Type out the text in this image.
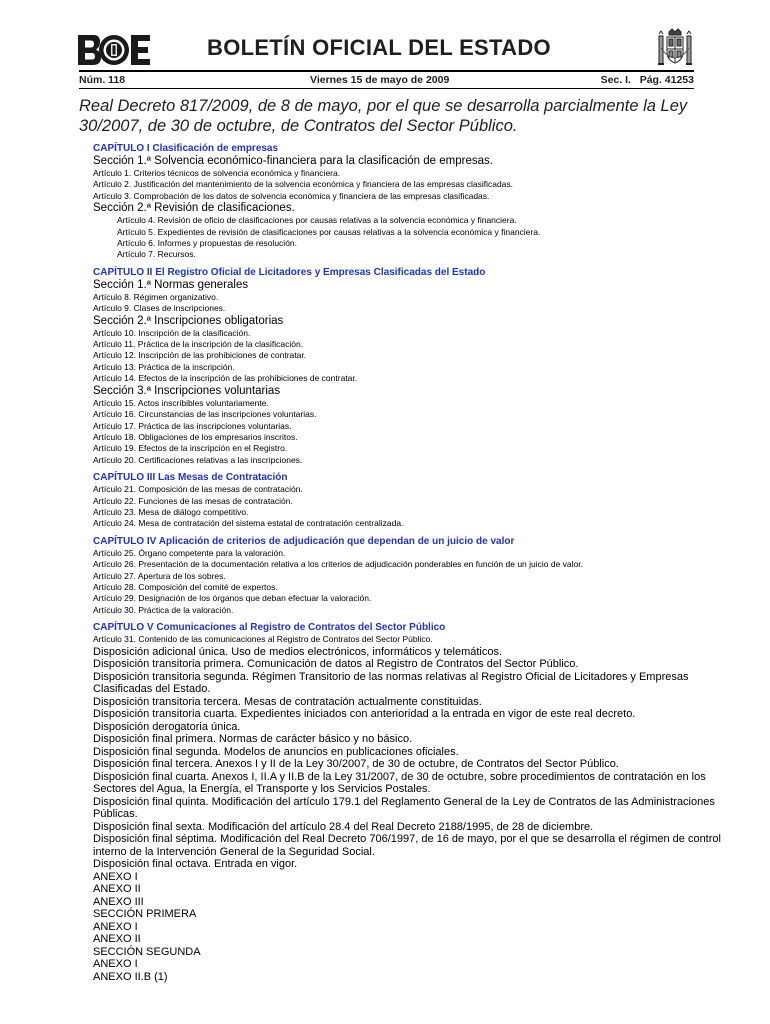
BOLETÍN OFICIAL DEL ESTADO
Núm. 118	Viernes 15 de mayo de 2009	Sec. I.   Pág. 41253
Real Decreto 817/2009, de 8 de mayo, por el que se desarrolla parcialmente la Ley 30/2007, de 30 de octubre, de Contratos del Sector Público.
CAPÍTULO I Clasificación de empresas
Sección 1.ª Solvencia económico-financiera para la clasificación de empresas.
Artículo 1. Criterios técnicos de solvencia económica y financiera.
Artículo 2. Justificación del mantenimiento de la solvencia económica y financiera de las empresas clasificadas.
Artículo 3. Comprobación de los datos de solvencia económica y financiera de las empresas clasificadas.
Sección 2.ª Revisión de clasificaciones.
Artículo 4. Revisión de oficio de clasificaciones por causas relativas a la solvencia económica y financiera.
Artículo 5. Expedientes de revisión de clasificaciones por causas relativas a la solvencia económica y financiera.
Artículo 6. Informes y propuestas de resolución.
Artículo 7. Recursos.
CAPÍTULO II El Registro Oficial de Licitadores y Empresas Clasificadas del Estado
Sección 1.ª Normas generales
Artículo 8. Régimen organizativo.
Artículo 9. Clases de inscripciones.
Sección 2.ª Inscripciones obligatorias
Artículo 10. Inscripción de la clasificación.
Artículo 11. Práctica de la inscripción de la clasificación.
Artículo 12. Inscripción de las prohibiciones de contratar.
Artículo 13. Práctica de la inscripción.
Artículo 14. Efectos de la inscripción de las prohibiciones de contratar.
Sección 3.ª Inscripciones voluntarias
Artículo 15. Actos inscribibles voluntariamente.
Artículo 16. Circunstancias de las inscripciones voluntarias.
Artículo 17. Práctica de las inscripciones voluntarias.
Artículo 18. Obligaciones de los empresarios inscritos.
Artículo 19. Efectos de la inscripción en el Registro.
Artículo 20. Certificaciones relativas a las inscripciones.
CAPÍTULO III Las Mesas de Contratación
Artículo 21. Composición de las mesas de contratación.
Artículo 22. Funciones de las mesas de contratación.
Artículo 23. Mesa de diálogo competitivo.
Artículo 24. Mesa de contratación del sistema estatal de contratación centralizada.
CAPÍTULO IV Aplicación de criterios de adjudicación que dependan de un juicio de valor
Artículo 25. Órgano competente para la valoración.
Artículo 26. Presentación de la documentación relativa a los criterios de adjudicación ponderables en función de un juicio de valor.
Artículo 27. Apertura de los sobres.
Artículo 28. Composición del comité de expertos.
Artículo 29. Designación de los órganos que deban efectuar la valoración.
Artículo 30. Práctica de la valoración.
CAPÍTULO V Comunicaciones al Registro de Contratos del Sector Público
Artículo 31. Contenido de las comunicaciones al Registro de Contratos del Sector Público.
Disposición adicional única. Uso de medios electrónicos, informáticos y telemáticos.
Disposición transitoria primera. Comunicación de datos al Registro de Contratos del Sector Público.
Disposición transitoria segunda. Régimen Transitorio de las normas relativas al Registro Oficial de Licitadores y Empresas Clasificadas del Estado.
Disposición transitoria tercera. Mesas de contratación actualmente constituidas.
Disposición transitoria cuarta. Expedientes iniciados con anterioridad a la entrada en vigor de este real decreto.
Disposición derogatoria única.
Disposición final primera. Normas de carácter básico y no básico.
Disposición final segunda. Modelos de anuncios en publicaciones oficiales.
Disposición final tercera. Anexos I y II de la Ley 30/2007, de 30 de octubre, de Contratos del Sector Público.
Disposición final cuarta. Anexos I, II.A y II.B de la Ley 31/2007, de 30 de octubre, sobre procedimientos de contratación en los Sectores del Agua, la Energía, el Transporte y los Servicios Postales.
Disposición final quinta. Modificación del artículo 179.1 del Reglamento General de la Ley de Contratos de las Administraciones Públicas.
Disposición final sexta. Modificación del artículo 28.4 del Real Decreto 2188/1995, de 28 de diciembre.
Disposición final séptima. Modificación del Real Decreto 706/1997, de 16 de mayo, por el que se desarrolla el régimen de control interno de la Intervención General de la Seguridad Social.
Disposición final octava. Entrada en vigor.
ANEXO I
ANEXO II
ANEXO III
SECCIÓN PRIMERA
ANEXO I
ANEXO II
SECCIÓN SEGUNDA
ANEXO I
ANEXO II.B (1)
